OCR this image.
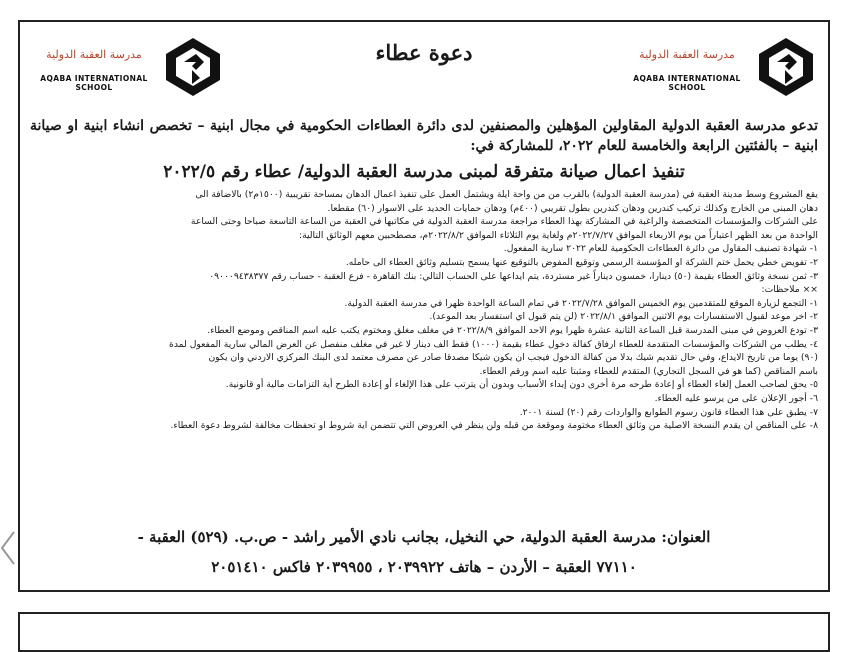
مدرسة العقبة الدولية
AQABA INTERNATIONAL SCHOOL
دعوة عطاء
مدرسة العقبة الدولية
AQABA INTERNATIONAL SCHOOL
تدعو مدرسة العقبة الدولية المقاولين المؤهلين والمصنفين لدى دائرة العطاءات الحكومية في مجال ابنية – تخصص انشاء ابنية او صيانة ابنية – بالفئتين الرابعة والخامسة للعام ٢٠٢٢، للمشاركة في:
تنفيذ اعمال صيانة متفرقة لمبنى مدرسة العقبة الدولية/ عطاء رقم ٢٠٢٢/٥

يقع المشروع وسط مدينة العقبة في (مدرسة العقبة الدولية) بالقرب من من واحة ايلة ويشتمل العمل على تنفيذ اعمال الدهان بمساحة تقريبية (١٥٠٠م٢) بالاضافة الى

دهان المبنى من الخارج وكذلك تركيب كندرين ودهان كندرين بطول تقريبي (٤٠٠م) ودهان حمايات الحديد على الاسوار (٦٠) مقطعا.

على الشركات والمؤسسات المتخصصة والراغبة في المشاركة بهذا العطاء مراجعة مدرسة العقبة الدولية في مكاتبها في العقبة من الساعة التاسعة صباحا وحتى الساعة

الواحدة من بعد الظهر اعتباراً من يوم الاربعاء الموافق ٢٠٢٢/٧/٢٧م ولغاية يوم الثلاثاء الموافق ٢٠٢٢/٨/٢م، مصطحبين معهم الوثائق التالية:

١- شهادة تصنيف المقاول من دائرة العطاءات الحكومية للعام ٢٠٢٢ سارية المفعول.

٢- تفويض خطي يحمل ختم الشركة او المؤسسة الرسمي وتوقيع المفوض بالتوقيع عنها يسمح بتسليم وثائق العطاء الى حامله.

٣- ثمن نسخة وثائق العطاء بقيمة (٥٠) دينارا، خمسون ديناراً غير مستردة، يتم ايداعها على الحساب التالي: بنك القاهرة - فرع العقبة - حساب رقم ٠٩٠٠٠٩٤٣٨٣٧٧

×× ملاحظات:

١- التجمع لزيارة الموقع للمتقدمين يوم الخميس الموافق ٢٠٢٢/٧/٢٨ في تمام الساعة الواحدة ظهرا في مدرسة العقبة الدولية.

٢- اخر موعد لقبول الاستفسارات يوم الاثنين الموافق ٢٠٢٢/٨/١ (لن يتم قبول اي استفسار بعد الموعد).

٣- تودع العروض في مبنى المدرسة قبل الساعة الثانية عشرة ظهرا يوم الاحد الموافق ٢٠٢٢/٨/٩ في مغلف مغلق ومختوم يكتب عليه اسم المناقص وموضع العطاء.

٤- يطلب من الشركات والمؤسسات المتقدمة للعطاء ارفاق كفالة دخول عطاء بقيمة (١٠٠٠) فقط الف دينار لا غير في مغلف منفصل عن العرض المالي سارية المفعول لمدة

(٩٠) يوما من تاريخ الايداع، وفي حال تقديم شيك بدلا من كفالة الدخول فيجب ان يكون شيكا مصدقا صادر عن مصرف معتمد لدى البنك المركزي الاردني وان يكون

باسم المناقص (كما هو في السجل التجاري) المتقدم للعطاء ومثبتا عليه اسم ورقم العطاء.

٥- يحق لصاحب العمل إلغاء العطاء أو إعادة طرحه مرة أخرى دون إبداء الأسباب وبدون أن يترتب على هذا الإلغاء أو إعادة الطرح أية التزامات مالية أو قانونية.

٦- أجور الإعلان على من يرسو عليه العطاء.

٧- يطبق على هذا العطاء قانون رسوم الطوابع والواردات رقم (٢٠) لسنة ٢٠٠١.

٨- على المناقص ان يقدم النسخة الاصلية من وثائق العطاء مختومة وموقعة من قبله ولن ينظر في العروض التي تتضمن اية شروط او تحفظات مخالفة لشروط دعوة العطاء.

العنوان: مدرسة العقبة الدولية، حي النخيل، بجانب نادي الأمير راشد - ص.ب. (٥٢٩) العقبة -
٧٧١١٠ العقبة – الأردن – هاتف ٢٠٣٩٩٢٢ ، ٢٠٣٩٩٥٥ فاكس ٢٠٥١٤١٠
